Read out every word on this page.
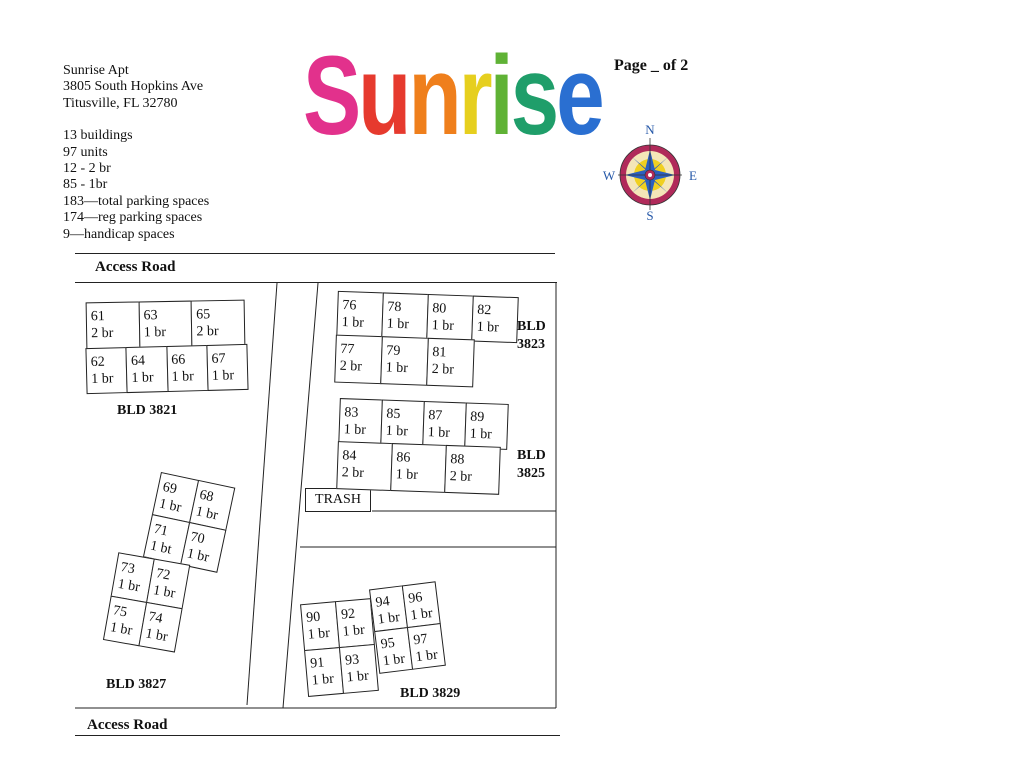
Sunrise Apt
3805 South Hopkins Ave
Titusville, FL 32780
13 buildings
97 units
12 - 2 br
85 - 1br
183—total parking spaces
174—reg parking spaces
9—handicap spaces
Sunrise Page _ of 2
N
S
W	E
Access Road
TRASH
61
2 br
63
1 br
65
2 br
62
1 br
64
1 br
66
1 br
67
1 br
BLD 3821
76
1 br
78
1 br
80
1 br
82
1 br
77
2 br
79
1 br
81
2 br
BLD 3823
83
1 br
85
1 br
87
1 br
89
1 br
84
2 br
86
1 br
88
2 br
BLD 3825
69
1 br
68
1 br
71
1 bt
70
1 br
73
1 br
72
1 br
75
1 br
74
1 br
BLD 3827
90
1 br
92
1 br
91
1 br
93
1 br
94
1 br
96
1 br
95
1 br
97
1 br
BLD 3829
Access Road
